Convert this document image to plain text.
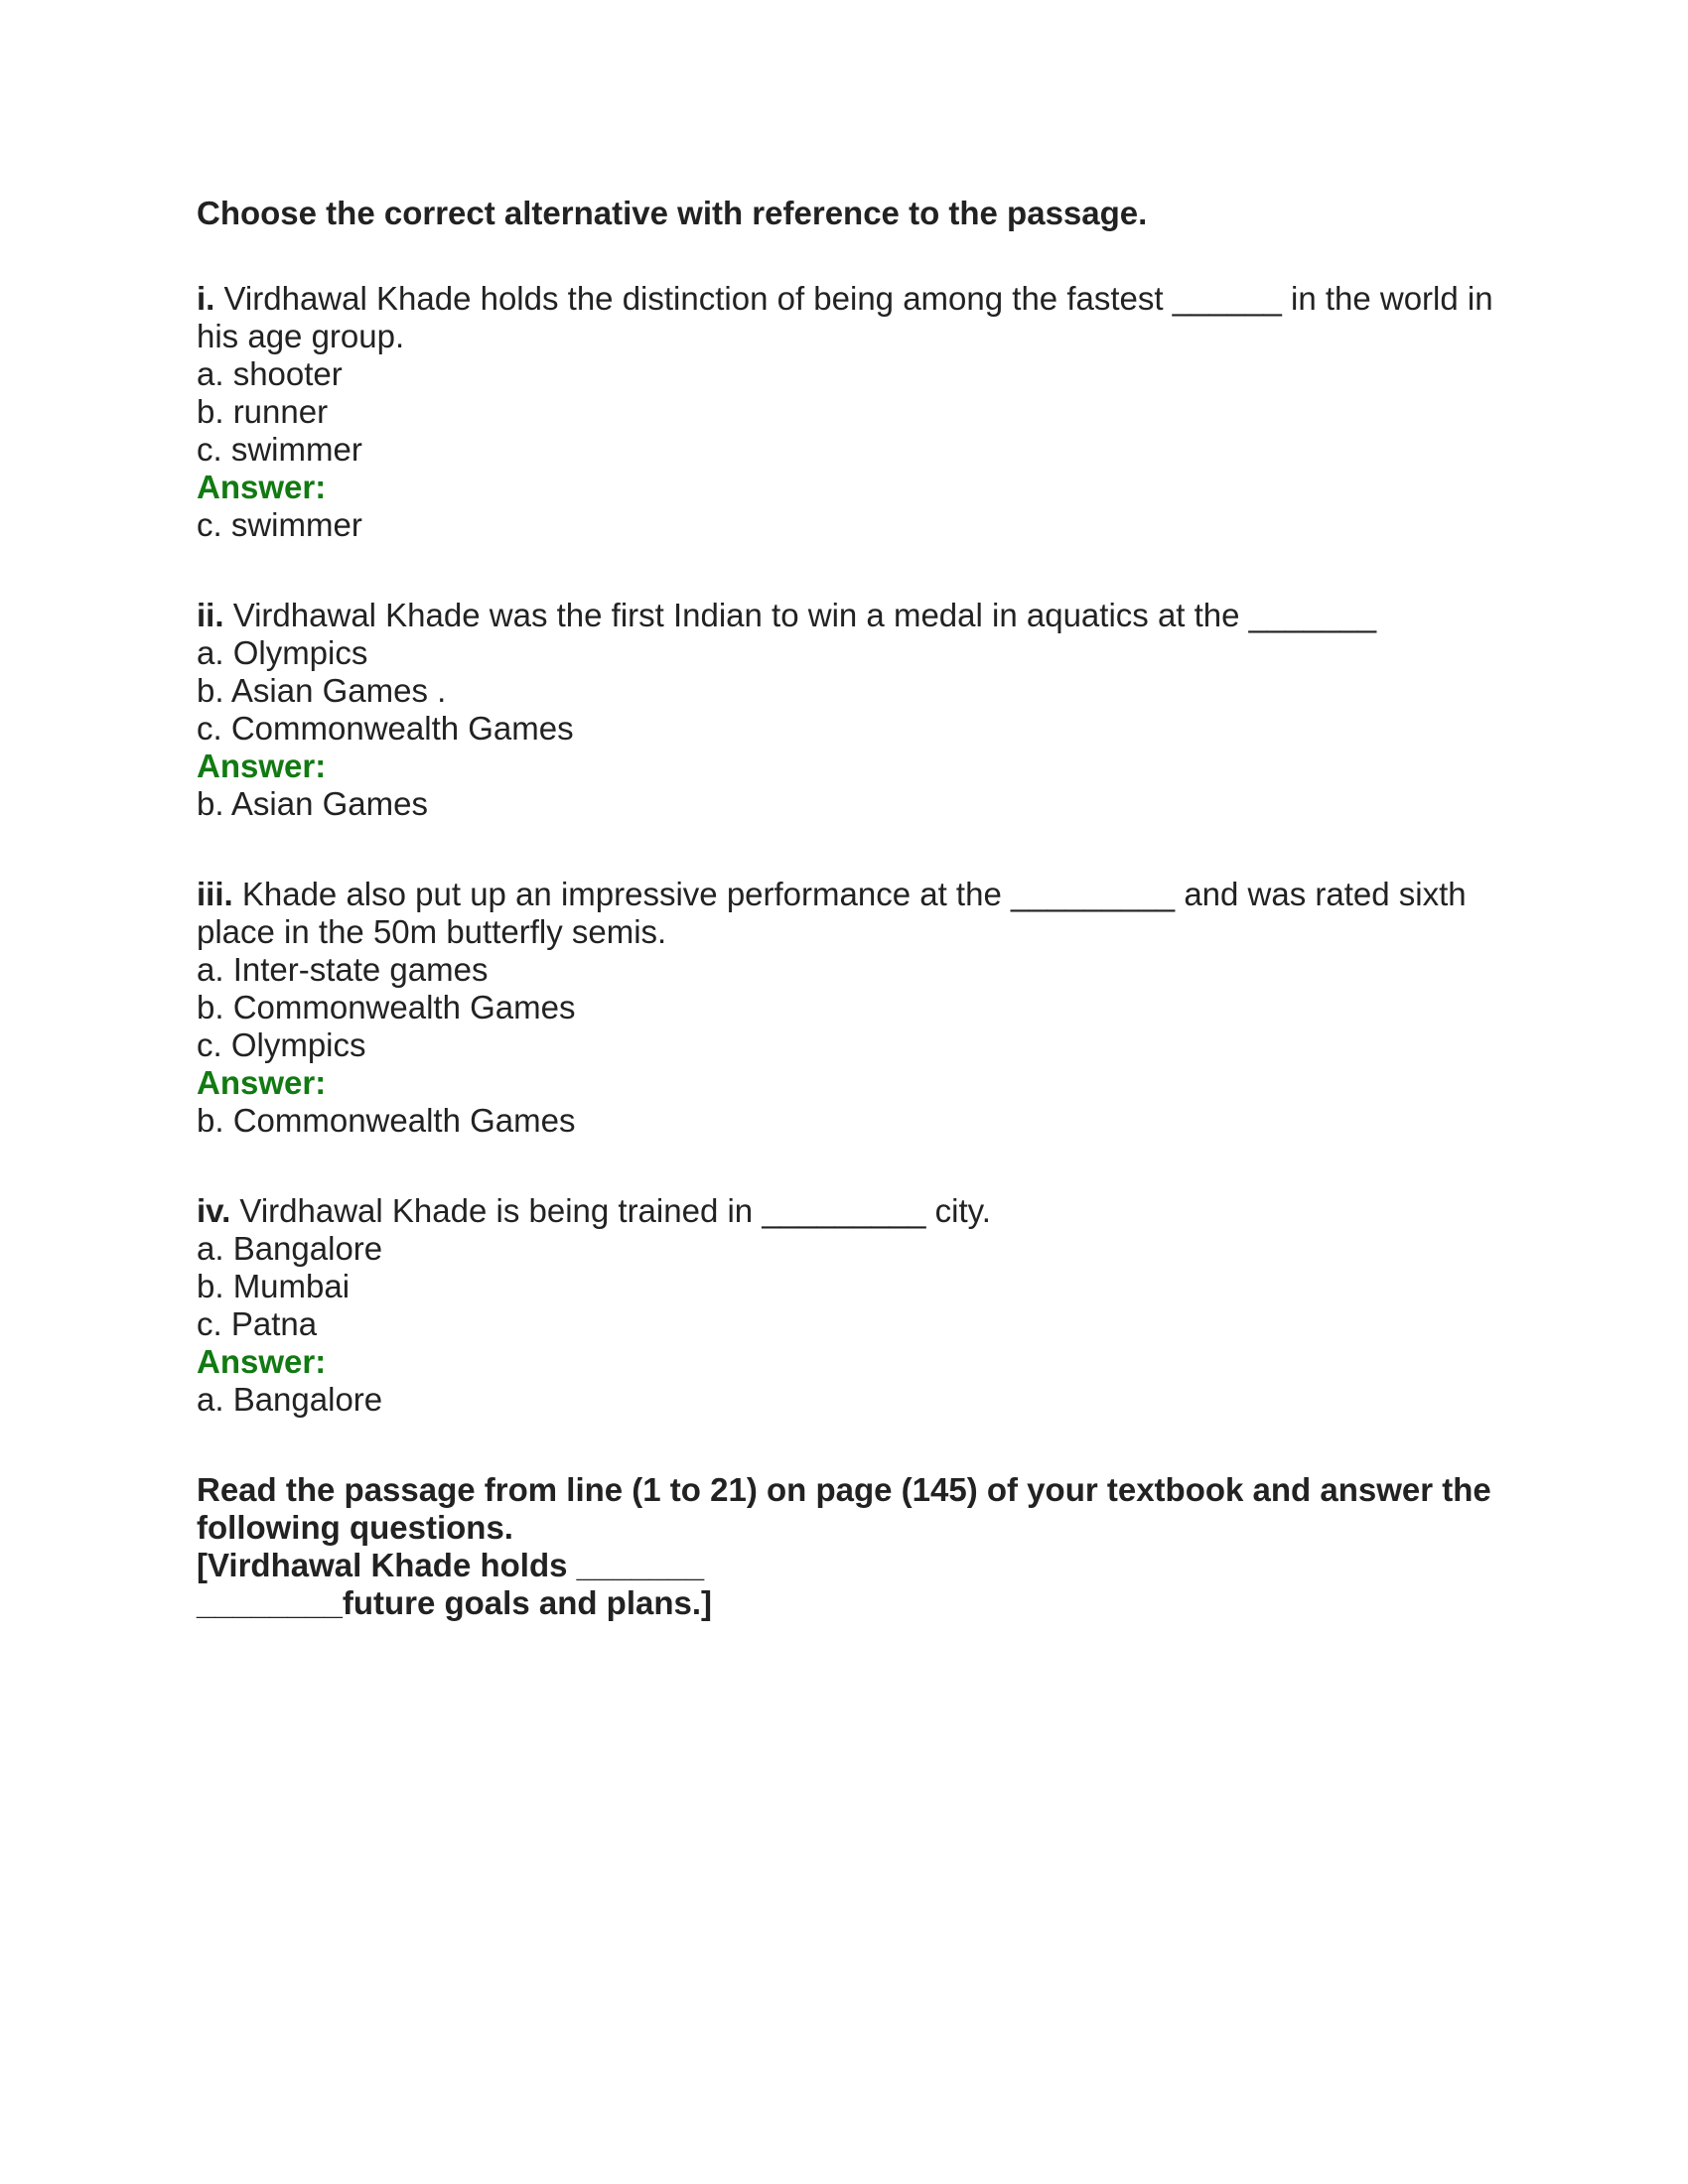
Choose the correct alternative with reference to the passage.

i. Virdhawal Khade holds the distinction of being among the fastest ______ in the world in his age group.

a. shooter

b. runner

c. swimmer

Answer:

c. swimmer

ii. Virdhawal Khade was the first Indian to win a medal in aquatics at the _______

a. Olympics

b. Asian Games .

c. Commonwealth Games

Answer:

b. Asian Games

iii. Khade also put up an impressive performance at the _________ and was rated sixth place in the 50m butterfly semis.

a. Inter-state games

b. Commonwealth Games

c. Olympics

Answer:

b. Commonwealth Games

iv. Virdhawal Khade is being trained in _________ city.

a. Bangalore

b. Mumbai

c. Patna

Answer:

a. Bangalore

Read the passage from line (1 to 21) on page (145) of your textbook and answer the following questions.

[Virdhawal Khade holds _______

________future goals and plans.]
